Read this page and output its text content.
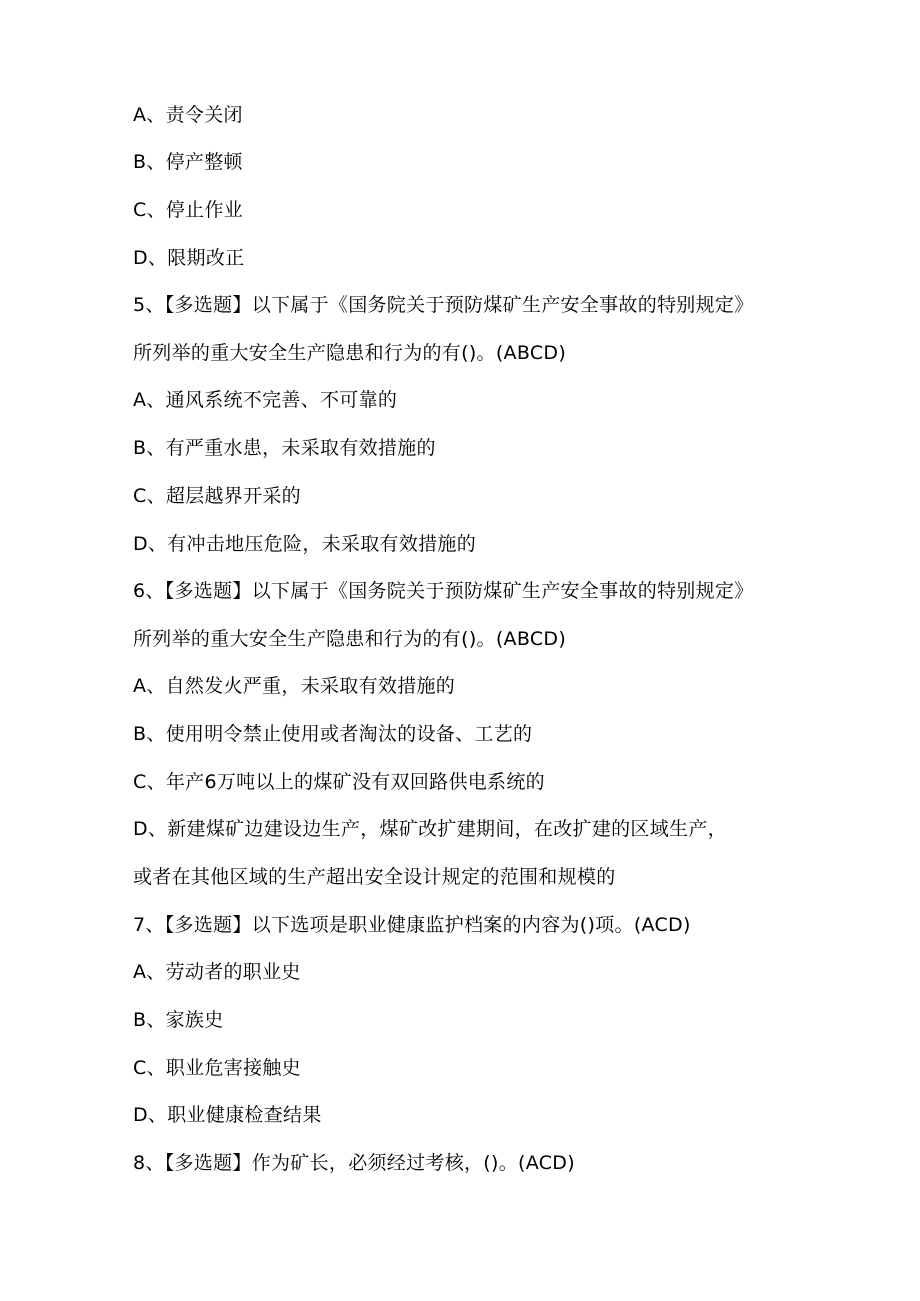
A、责令关闭
B、停产整顿
C、停止作业
D、限期改正
5、【多选题】以下属于《国务院关于预防煤矿生产安全事故的特别规定》
所列举的重大安全生产隐患和行为的有()。(ABCD)
A、通风系统不完善、不可靠的
B、有严重水患，未采取有效措施的
C、超层越界开采的
D、有冲击地压危险，未采取有效措施的
6、【多选题】以下属于《国务院关于预防煤矿生产安全事故的特别规定》
所列举的重大安全生产隐患和行为的有()。(ABCD)
A、自然发火严重，未采取有效措施的
B、使用明令禁止使用或者淘汰的设备、工艺的
C、年产6万吨以上的煤矿没有双回路供电系统的
D、新建煤矿边建设边生产，煤矿改扩建期间，在改扩建的区域生产，
或者在其他区域的生产超出安全设计规定的范围和规模的
7、【多选题】以下选项是职业健康监护档案的内容为()项。(ACD)
A、劳动者的职业史
B、家族史
C、职业危害接触史
D、职业健康检查结果
8、【多选题】作为矿长，必须经过考核，()。(ACD)
